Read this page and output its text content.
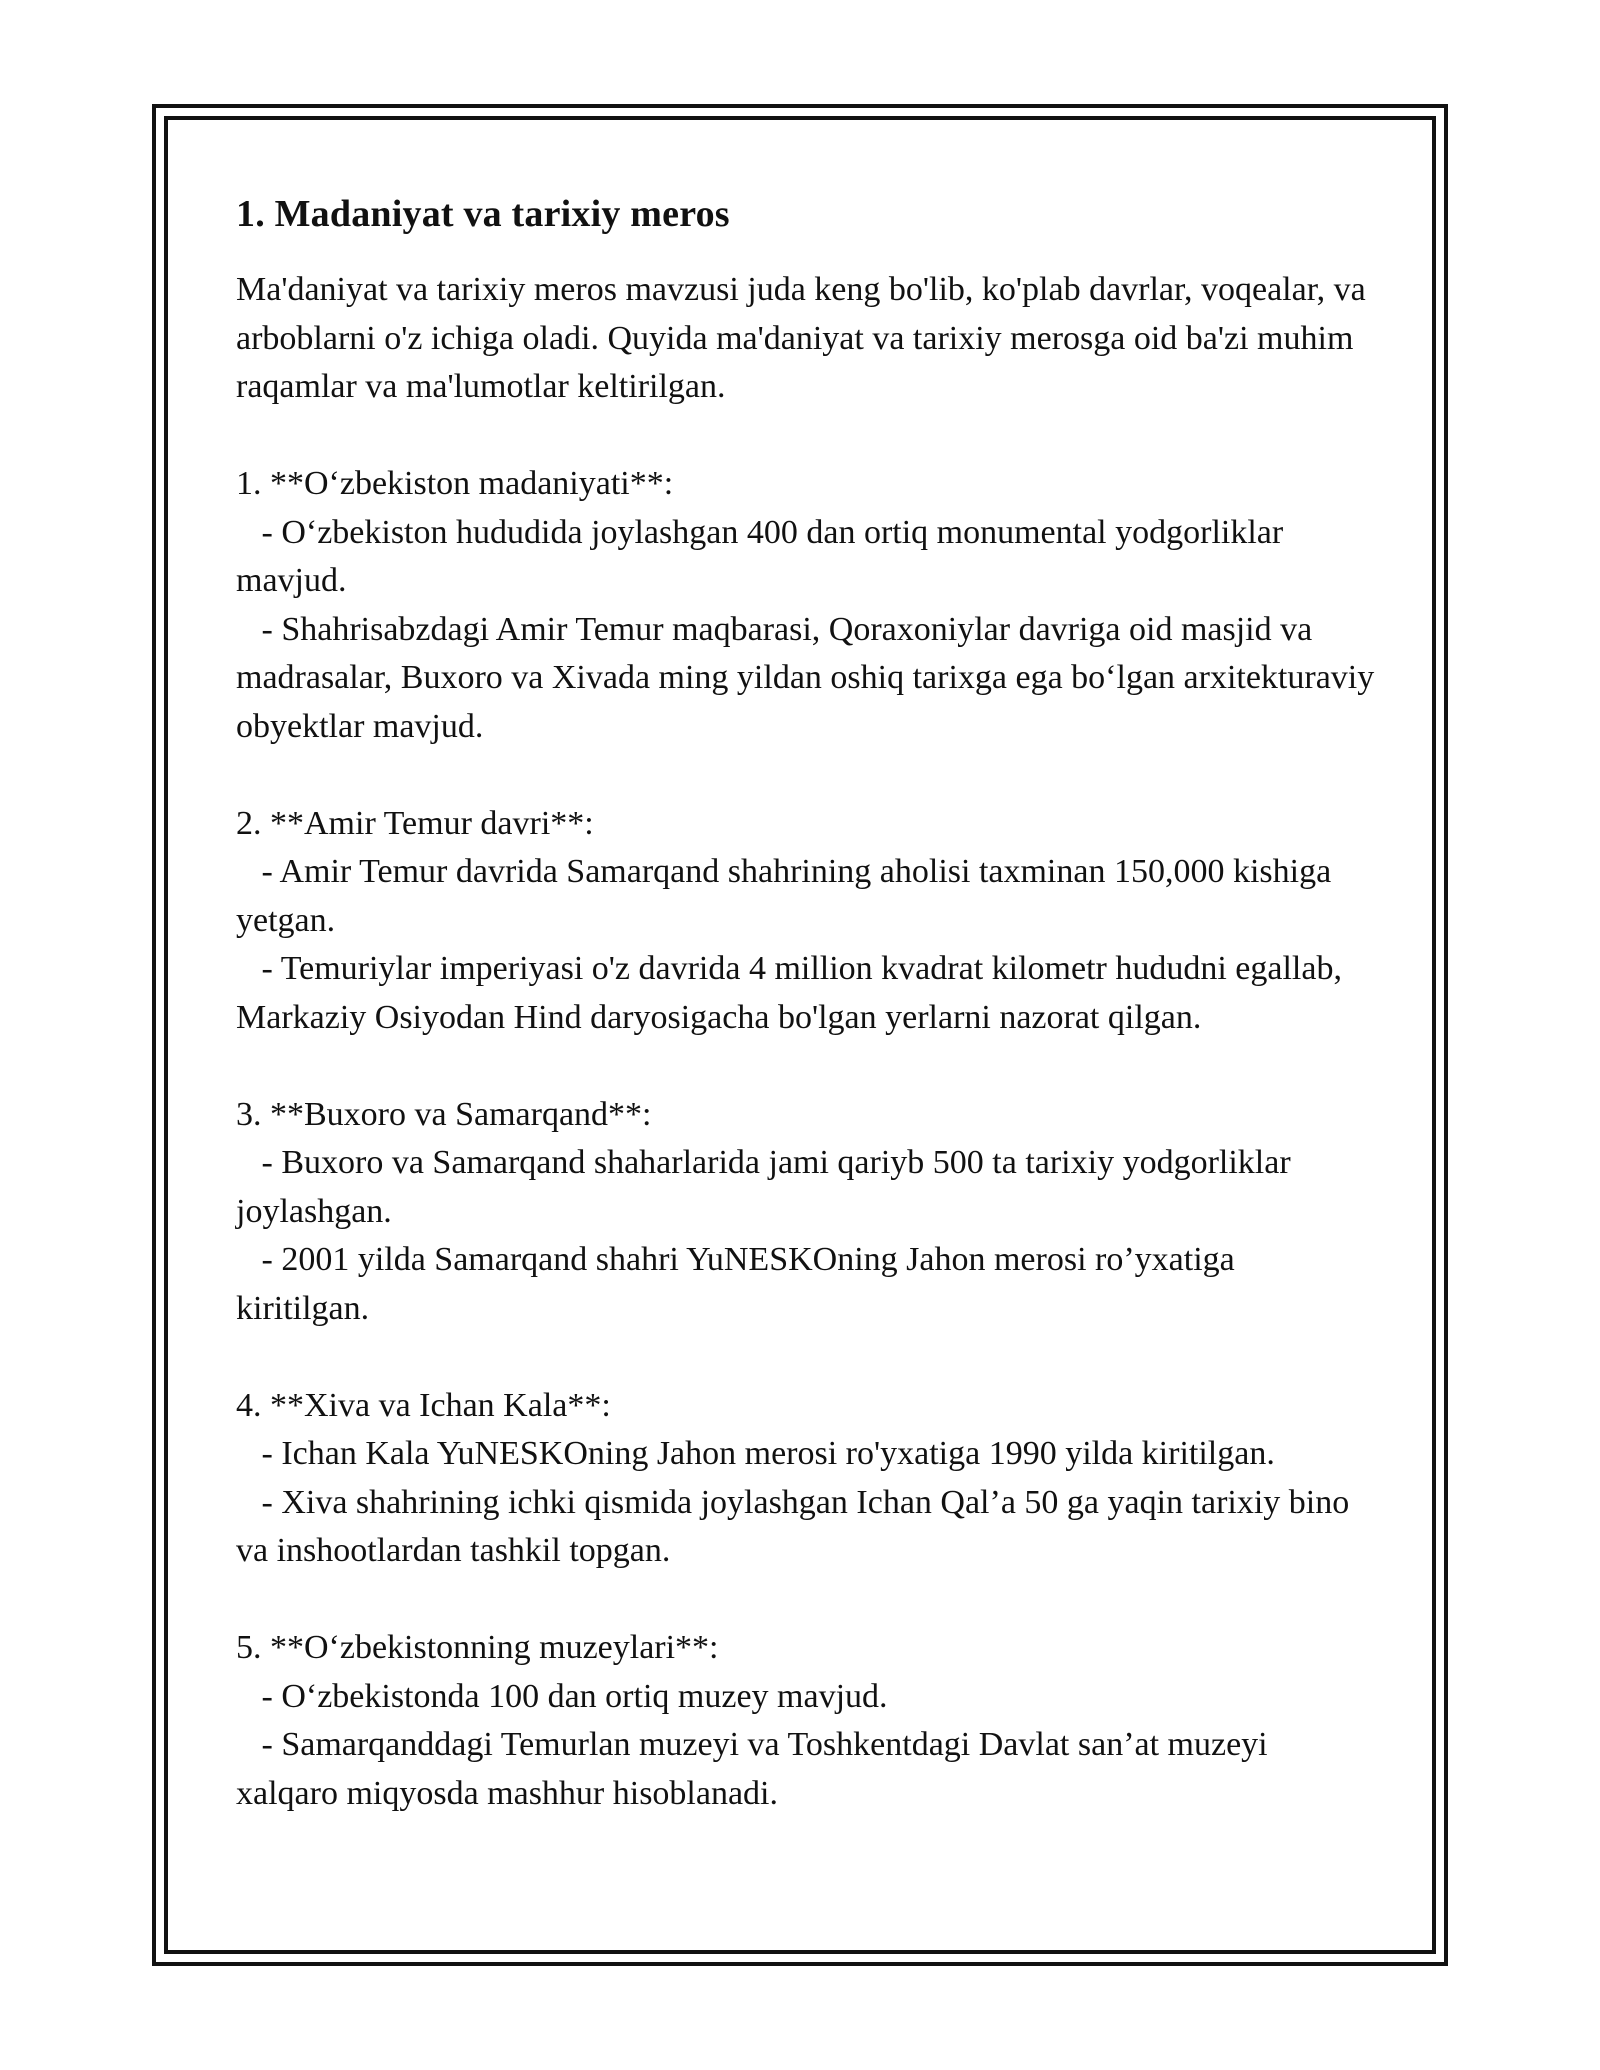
1. Madaniyat va tarixiy meros

Ma'daniyat va tarixiy meros mavzusi juda keng bo'lib, ko'plab davrlar, voqealar, va arboblarni o'z ichiga oladi. Quyida ma'daniyat va tarixiy merosga oid ba'zi muhim raqamlar va ma'lumotlar keltirilgan.

1. **O‘zbekiston madaniyati**:

- O‘zbekiston hududida joylashgan 400 dan ortiq monumental yodgorliklar mavjud.

- Shahrisabzdagi Amir Temur maqbarasi, Qoraxoniylar davriga oid masjid va madrasalar, Buxoro va Xivada ming yildan oshiq tarixga ega bo‘lgan arxitekturaviy obyektlar mavjud.

2. **Amir Temur davri**:

- Amir Temur davrida Samarqand shahrining aholisi taxminan 150,000 kishiga yetgan.

- Temuriylar imperiyasi o'z davrida 4 million kvadrat kilometr hududni egallab, Markaziy Osiyodan Hind daryosigacha bo'lgan yerlarni nazorat qilgan.

3. **Buxoro va Samarqand**:

- Buxoro va Samarqand shaharlarida jami qariyb 500 ta tarixiy yodgorliklar joylashgan.

- 2001 yilda Samarqand shahri YuNESKOning Jahon merosi ro’yxatiga kiritilgan.

4. **Xiva va Ichan Kala**:

- Ichan Kala YuNESKOning Jahon merosi ro'yxatiga 1990 yilda kiritilgan.

- Xiva shahrining ichki qismida joylashgan Ichan Qal’a 50 ga yaqin tarixiy bino va inshootlardan tashkil topgan.

5. **O‘zbekistonning muzeylari**:

- O‘zbekistonda 100 dan ortiq muzey mavjud.

- Samarqanddagi Temurlan muzeyi va Toshkentdagi Davlat san’at muzeyi xalqaro miqyosda mashhur hisoblanadi.
